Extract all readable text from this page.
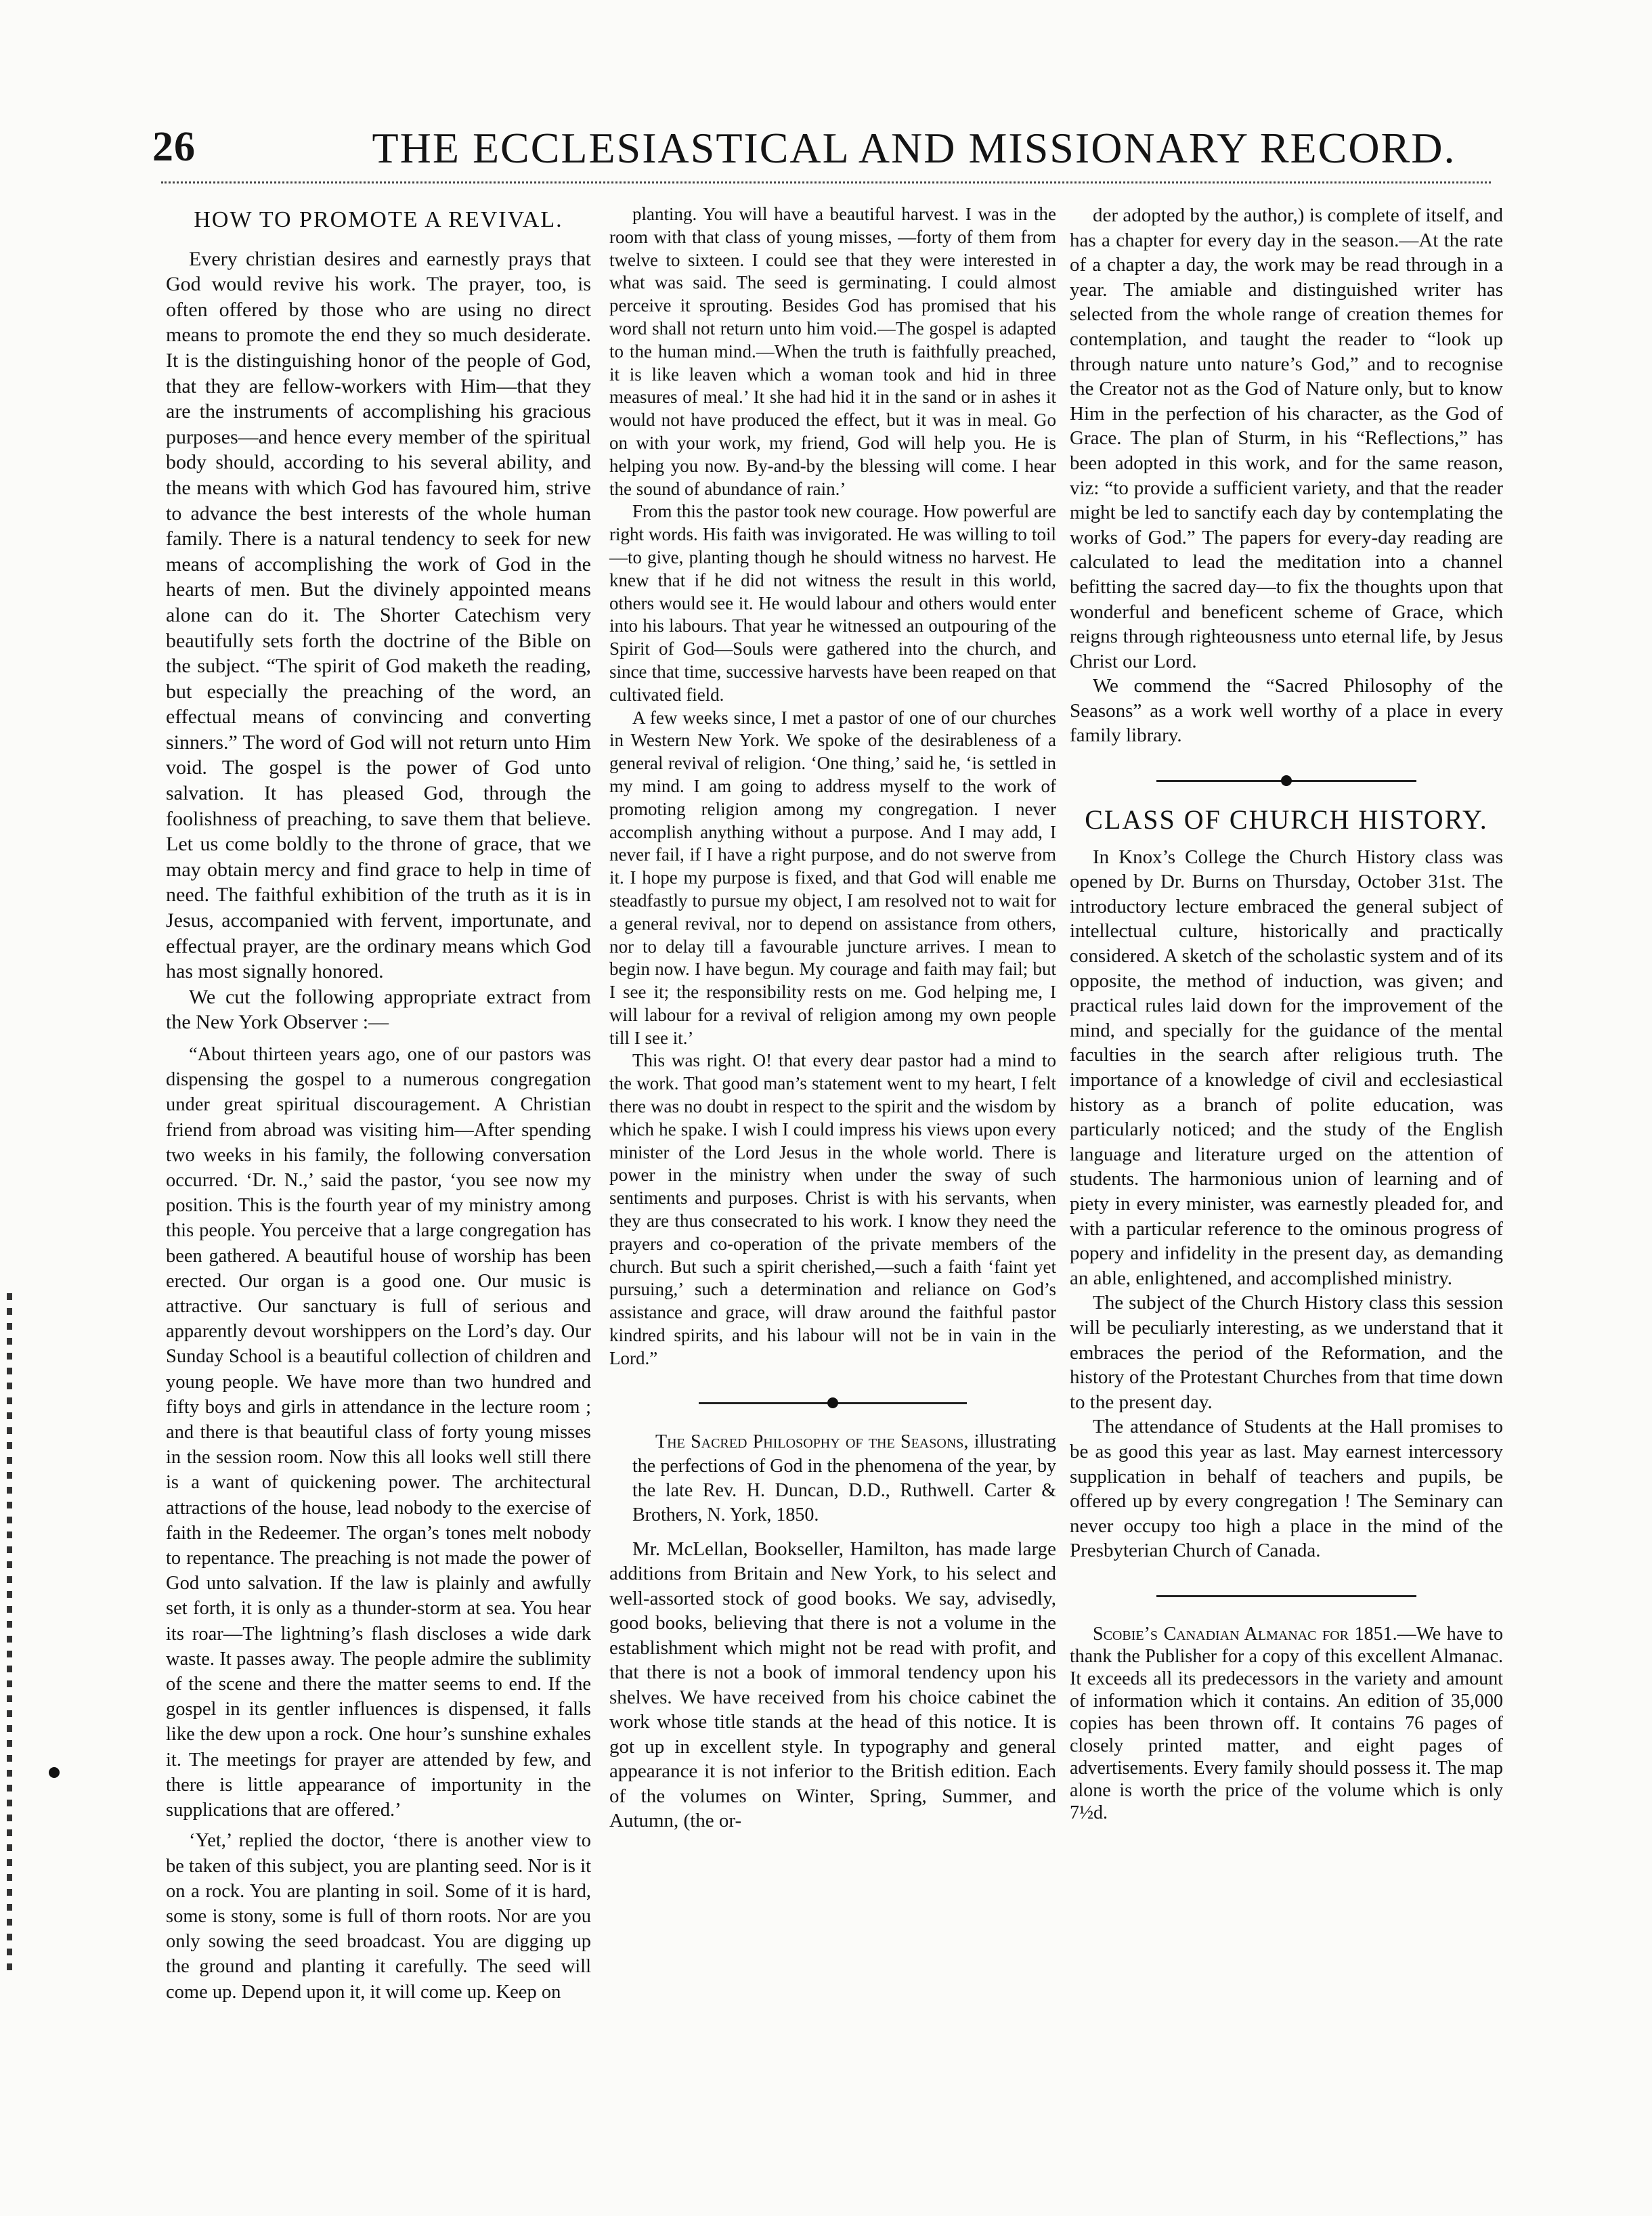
26	THE ECCLESIASTICAL AND MISSIONARY RECORD.
HOW TO PROMOTE A REVIVAL.

Every christian desires and earnestly prays that God would revive his work. The prayer, too, is often offered by those who are using no direct means to promote the end they so much desiderate. It is the distinguishing honor of the people of God, that they are fellow-workers with Him—that they are the instruments of accomplishing his gracious purposes—and hence every member of the spiritual body should, according to his several ability, and the means with which God has favoured him, strive to advance the best interests of the whole human family. There is a natural tendency to seek for new means of accomplishing the work of God in the hearts of men. But the divinely appointed means alone can do it. The Shorter Catechism very beautifully sets forth the doctrine of the Bible on the subject. “The spirit of God maketh the reading, but especially the preaching of the word, an effectual means of convincing and converting sinners.” The word of God will not return unto Him void. The gospel is the power of God unto salvation. It has pleased God, through the foolishness of preaching, to save them that believe. Let us come boldly to the throne of grace, that we may obtain mercy and find grace to help in time of need. The faithful exhibition of the truth as it is in Jesus, accompanied with fervent, importunate, and effectual prayer, are the ordinary means which God has most signally honored.

We cut the following appropriate extract from the New York Observer :—

“About thirteen years ago, one of our pastors was dispensing the gospel to a numerous congregation under great spiritual discouragement. A Christian friend from abroad was visiting him—After spending two weeks in his family, the following conversation occurred. ‘Dr. N.,’ said the pastor, ‘you see now my position. This is the fourth year of my ministry among this people. You perceive that a large congregation has been gathered. A beautiful house of worship has been erected. Our organ is a good one. Our music is attractive. Our sanctuary is full of serious and apparently devout worshippers on the Lord’s day. Our Sunday School is a beautiful collection of children and young people. We have more than two hundred and fifty boys and girls in attendance in the lecture room ; and there is that beautiful class of forty young misses in the session room. Now this all looks well still there is a want of quickening power. The architectural attractions of the house, lead nobody to the exercise of faith in the Redeemer. The organ’s tones melt nobody to repentance. The preaching is not made the power of God unto salvation. If the law is plainly and awfully set forth, it is only as a thunder-storm at sea. You hear its roar—The lightning’s flash discloses a wide dark waste. It passes away. The people admire the sublimity of the scene and there the matter seems to end. If the gospel in its gentler influences is dispensed, it falls like the dew upon a rock. One hour’s sunshine exhales it. The meetings for prayer are attended by few, and there is little appearance of importunity in the supplications that are offered.’

‘Yet,’ replied the doctor, ‘there is another view to be taken of this subject, you are planting seed. Nor is it on a rock. You are planting in soil. Some of it is hard, some is stony, some is full of thorn roots. Nor are you only sowing the seed broadcast. You are digging up the ground and planting it carefully. The seed will come up. Depend upon it, it will come up. Keep on

planting. You will have a beautiful harvest. I was in the room with that class of young misses, —forty of them from twelve to sixteen. I could see that they were interested in what was said. The seed is germinating. I could almost perceive it sprouting. Besides God has promised that his word shall not return unto him void.—The gospel is adapted to the human mind.—When the truth is faithfully preached, it is like leaven which a woman took and hid in three measures of meal.’ It she had hid it in the sand or in ashes it would not have produced the effect, but it was in meal. Go on with your work, my friend, God will help you. He is helping you now. By-and-by the blessing will come. I hear the sound of abundance of rain.’

From this the pastor took new courage. How powerful are right words. His faith was invigorated. He was willing to toil—to give, planting though he should witness no harvest. He knew that if he did not witness the result in this world, others would see it. He would labour and others would enter into his labours. That year he witnessed an outpouring of the Spirit of God—Souls were gathered into the church, and since that time, successive harvests have been reaped on that cultivated field.

A few weeks since, I met a pastor of one of our churches in Western New York. We spoke of the desirableness of a general revival of religion. ‘One thing,’ said he, ‘is settled in my mind. I am going to address myself to the work of promoting religion among my congregation. I never accomplish anything without a purpose. And I may add, I never fail, if I have a right purpose, and do not swerve from it. I hope my purpose is fixed, and that God will enable me steadfastly to pursue my object, I am resolved not to wait for a general revival, nor to depend on assistance from others, nor to delay till a favourable juncture arrives. I mean to begin now. I have begun. My courage and faith may fail; but I see it; the responsibility rests on me. God helping me, I will labour for a revival of religion among my own people till I see it.’

This was right. O! that every dear pastor had a mind to the work. That good man’s statement went to my heart, I felt there was no doubt in respect to the spirit and the wisdom by which he spake. I wish I could impress his views upon every minister of the Lord Jesus in the whole world. There is power in the ministry when under the sway of such sentiments and purposes. Christ is with his servants, when they are thus consecrated to his work. I know they need the prayers and co-operation of the private members of the church. But such a spirit cherished,—such a faith ‘faint yet pursuing,’ such a determination and reliance on God’s assistance and grace, will draw around the faithful pastor kindred spirits, and his labour will not be in vain in the Lord.”

The Sacred Philosophy of the Seasons, illustrating the perfections of God in the phenomena of the year, by the late Rev. H. Duncan, D.D., Ruthwell. Carter & Brothers, N. York, 1850.

Mr. McLellan, Bookseller, Hamilton, has made large additions from Britain and New York, to his select and well-assorted stock of good books. We say, advisedly, good books, believing that there is not a volume in the establishment which might not be read with profit, and that there is not a book of immoral tendency upon his shelves. We have received from his choice cabinet the work whose title stands at the head of this notice. It is got up in excellent style. In typography and general appearance it is not inferior to the British edition. Each of the volumes on Winter, Spring, Summer, and Autumn, (the or-

der adopted by the author,) is complete of itself, and has a chapter for every day in the season.—At the rate of a chapter a day, the work may be read through in a year. The amiable and distinguished writer has selected from the whole range of creation themes for contemplation, and taught the reader to “look up through nature unto nature’s God,” and to recognise the Creator not as the God of Nature only, but to know Him in the perfection of his character, as the God of Grace. The plan of Sturm, in his “Reflections,” has been adopted in this work, and for the same reason, viz: “to provide a sufficient variety, and that the reader might be led to sanctify each day by contemplating the works of God.” The papers for every-day reading are calculated to lead the meditation into a channel befitting the sacred day—to fix the thoughts upon that wonderful and beneficent scheme of Grace, which reigns through righteousness unto eternal life, by Jesus Christ our Lord.

We commend the “Sacred Philosophy of the Seasons” as a work well worthy of a place in every family library.

CLASS OF CHURCH HISTORY.

In Knox’s College the Church History class was opened by Dr. Burns on Thursday, October 31st. The introductory lecture embraced the general subject of intellectual culture, historically and practically considered. A sketch of the scholastic system and of its opposite, the method of induction, was given; and practical rules laid down for the improvement of the mind, and specially for the guidance of the mental faculties in the search after religious truth. The importance of a knowledge of civil and ecclesiastical history as a branch of polite education, was particularly noticed; and the study of the English language and literature urged on the attention of students. The harmonious union of learning and of piety in every minister, was earnestly pleaded for, and with a particular reference to the ominous progress of popery and infidelity in the present day, as demanding an able, enlightened, and accomplished ministry.

The subject of the Church History class this session will be peculiarly interesting, as we understand that it embraces the period of the Reformation, and the history of the Protestant Churches from that time down to the present day.

The attendance of Students at the Hall promises to be as good this year as last. May earnest intercessory supplication in behalf of teachers and pupils, be offered up by every congregation ! The Seminary can never occupy too high a place in the mind of the Presbyterian Church of Canada.

Scobie’s Canadian Almanac for 1851.—We have to thank the Publisher for a copy of this excellent Almanac. It exceeds all its predecessors in the variety and amount of information which it contains. An edition of 35,000 copies has been thrown off. It contains 76 pages of closely printed matter, and eight pages of advertisements. Every family should possess it. The map alone is worth the price of the volume which is only 7½d.
